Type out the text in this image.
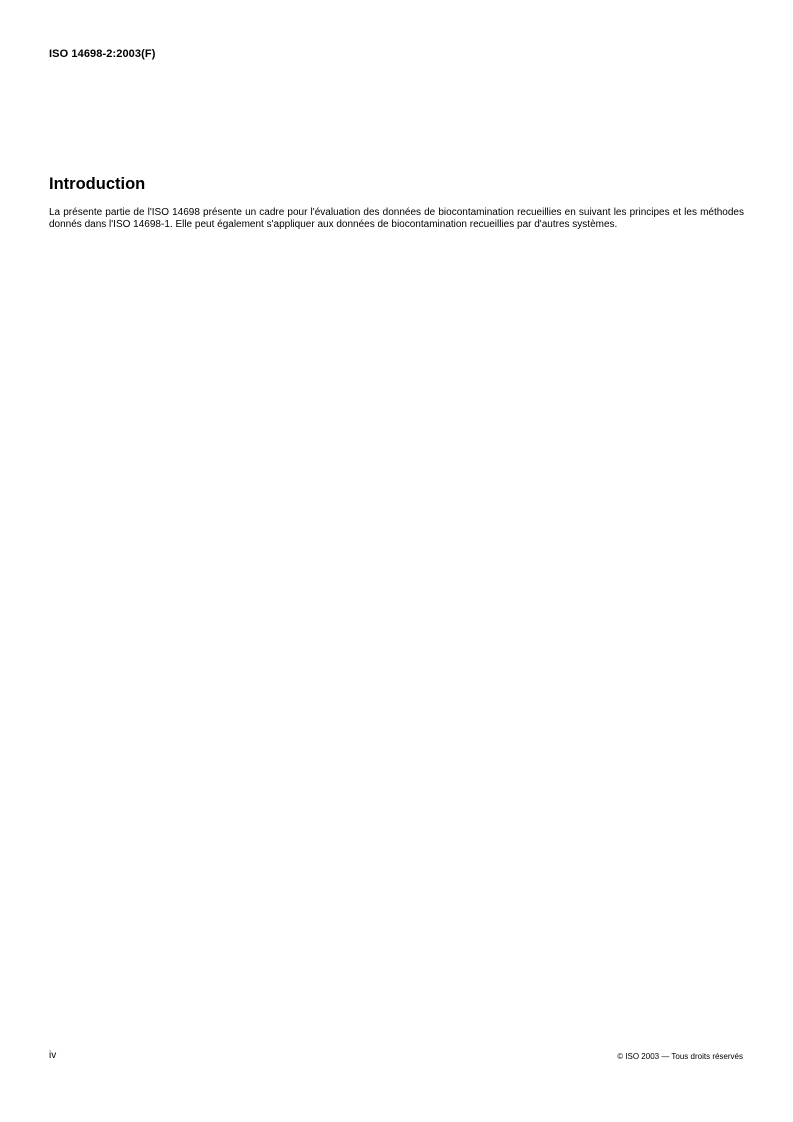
ISO 14698-2:2003(F)
Introduction

La présente partie de l'ISO 14698 présente un cadre pour l'évaluation des données de biocontamination recueillies en suivant les principes et les méthodes donnés dans l'ISO 14698-1. Elle peut également s'appliquer aux données de biocontamination recueillies par d'autres systèmes.

iv	© ISO 2003 — Tous droits réservés
